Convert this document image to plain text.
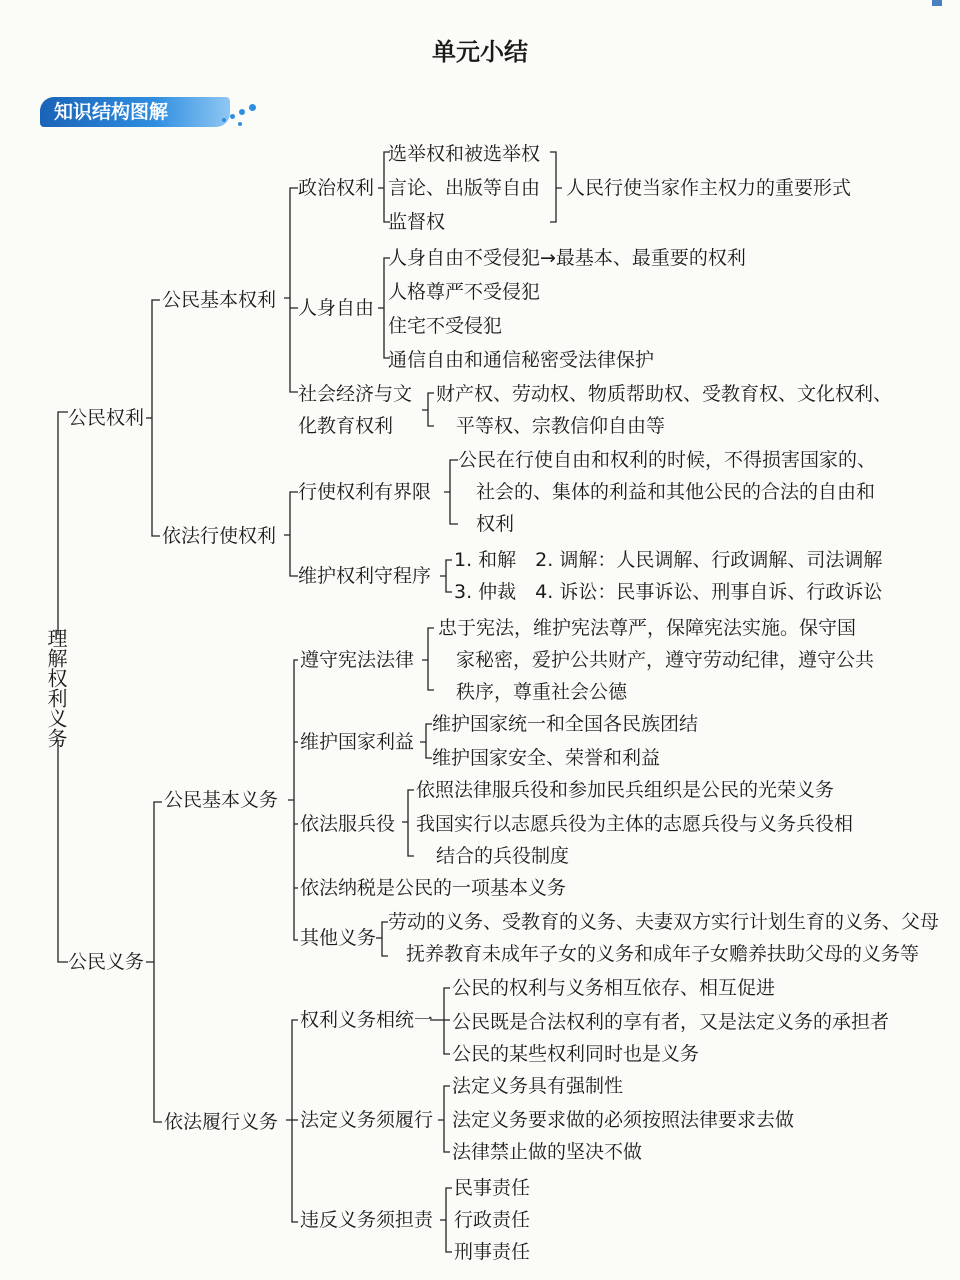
单元小结
知识结构图解
理解权利义务
公民权利
公民基本权利
政治权利
选举权和被选举权
言论、出版等自由
监督权
人民行使当家作主权力的重要形式
人身自由
人身自由不受侵犯→最基本、最重要的权利
人格尊严不受侵犯
住宅不受侵犯
通信自由和通信秘密受法律保护
社会经济与文
化教育权利
财产权、劳动权、物质帮助权、受教育权、文化权利、
平等权、宗教信仰自由等
依法行使权利
行使权利有界限
公民在行使自由和权利的时候，不得损害国家的、
社会的、集体的利益和其他公民的合法的自由和
权利
维护权利守程序
1. 和解　2. 调解：人民调解、行政调解、司法调解
3. 仲裁　4. 诉讼：民事诉讼、刑事自诉、行政诉讼
公民义务
公民基本义务
遵守宪法法律
忠于宪法，维护宪法尊严，保障宪法实施。保守国
家秘密，爱护公共财产，遵守劳动纪律，遵守公共
秩序，尊重社会公德
维护国家利益
维护国家统一和全国各民族团结
维护国家安全、荣誉和利益
依法服兵役
依照法律服兵役和参加民兵组织是公民的光荣义务
我国实行以志愿兵役为主体的志愿兵役与义务兵役相
结合的兵役制度
依法纳税是公民的一项基本义务
其他义务
劳动的义务、受教育的义务、夫妻双方实行计划生育的义务、父母
抚养教育未成年子女的义务和成年子女赡养扶助父母的义务等
依法履行义务
权利义务相统一
公民的权利与义务相互依存、相互促进
公民既是合法权利的享有者，又是法定义务的承担者
公民的某些权利同时也是义务
法定义务须履行
法定义务具有强制性
法定义务要求做的必须按照法律要求去做
法律禁止做的坚决不做
违反义务须担责
民事责任
行政责任
刑事责任
